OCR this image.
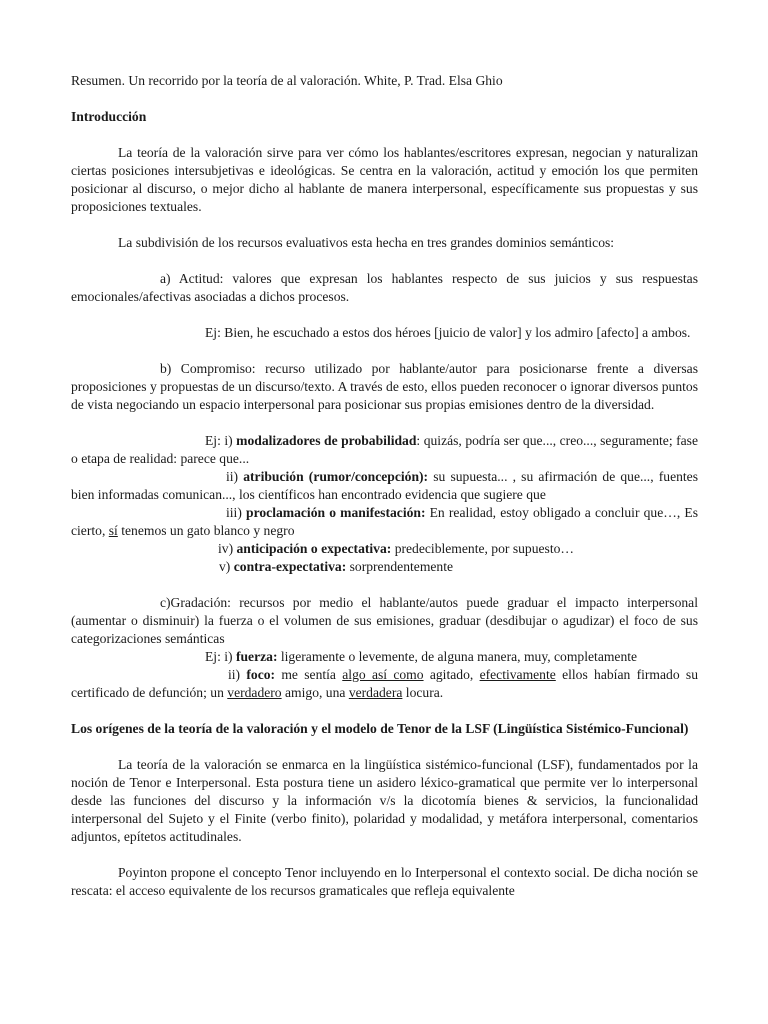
Resumen. Un recorrido por la teoría de al valoración. White, P. Trad. Elsa Ghio

Introducción

La teoría de la valoración sirve para ver cómo los hablantes/escritores expresan, negocian y naturalizan ciertas posiciones intersubjetivas e ideológicas. Se centra en la valoración, actitud y emoción los que permiten posicionar al discurso, o mejor dicho al hablante de manera interpersonal, específicamente sus propuestas y sus proposiciones textuales.

La subdivisión de los recursos evaluativos esta hecha en tres grandes dominios semánticos:

a) Actitud: valores que expresan los hablantes respecto de sus juicios y sus respuestas emocionales/afectivas asociadas a dichos procesos.

Ej: Bien, he escuchado a estos dos héroes [juicio de valor] y los admiro [afecto] a ambos.

b) Compromiso: recurso utilizado por hablante/autor para posicionarse frente a diversas proposiciones y propuestas de un discurso/texto. A través de esto, ellos pueden reconocer o ignorar diversos puntos de vista negociando un espacio interpersonal para posicionar sus propias emisiones dentro de la diversidad.

Ej: i) modalizadores de probabilidad: quizás, podría ser que..., creo..., seguramente; fase o etapa de realidad: parece que...

ii) atribución (rumor/concepción): su supuesta... , su afirmación de que..., fuentes bien informadas comunican..., los científicos han encontrado evidencia que sugiere que

iii) proclamación o manifestación: En realidad, estoy obligado a concluir que…, Es cierto, sí tenemos un gato blanco y negro

iv) anticipación o expectativa: predeciblemente, por supuesto…

v) contra-expectativa: sorprendentemente

c)Gradación: recursos por medio el hablante/autos puede graduar el impacto interpersonal (aumentar o disminuir) la fuerza o el volumen de sus emisiones, graduar (desdibujar o agudizar) el foco de sus categorizaciones semánticas

Ej: i) fuerza: ligeramente o levemente, de alguna manera, muy, completamente

ii) foco: me sentía algo así como agitado, efectivamente ellos habían firmado su certificado de defunción; un verdadero amigo, una verdadera locura.

Los orígenes de la teoría de la valoración y el modelo de Tenor de la LSF (Lingüística Sistémico-Funcional)

La teoría de la valoración se enmarca en la lingüística sistémico-funcional (LSF), fundamentados por la noción de Tenor e Interpersonal. Esta postura tiene un asidero léxico-gramatical que permite ver lo interpersonal desde las funciones del discurso y la información v/s la dicotomía bienes & servicios, la funcionalidad interpersonal del Sujeto y el Finite (verbo finito), polaridad y modalidad, y metáfora interpersonal, comentarios adjuntos, epítetos actitudinales.

Poyinton propone el concepto Tenor incluyendo en lo Interpersonal el contexto social. De dicha noción se rescata: el acceso equivalente de los recursos gramaticales que refleja equivalente
